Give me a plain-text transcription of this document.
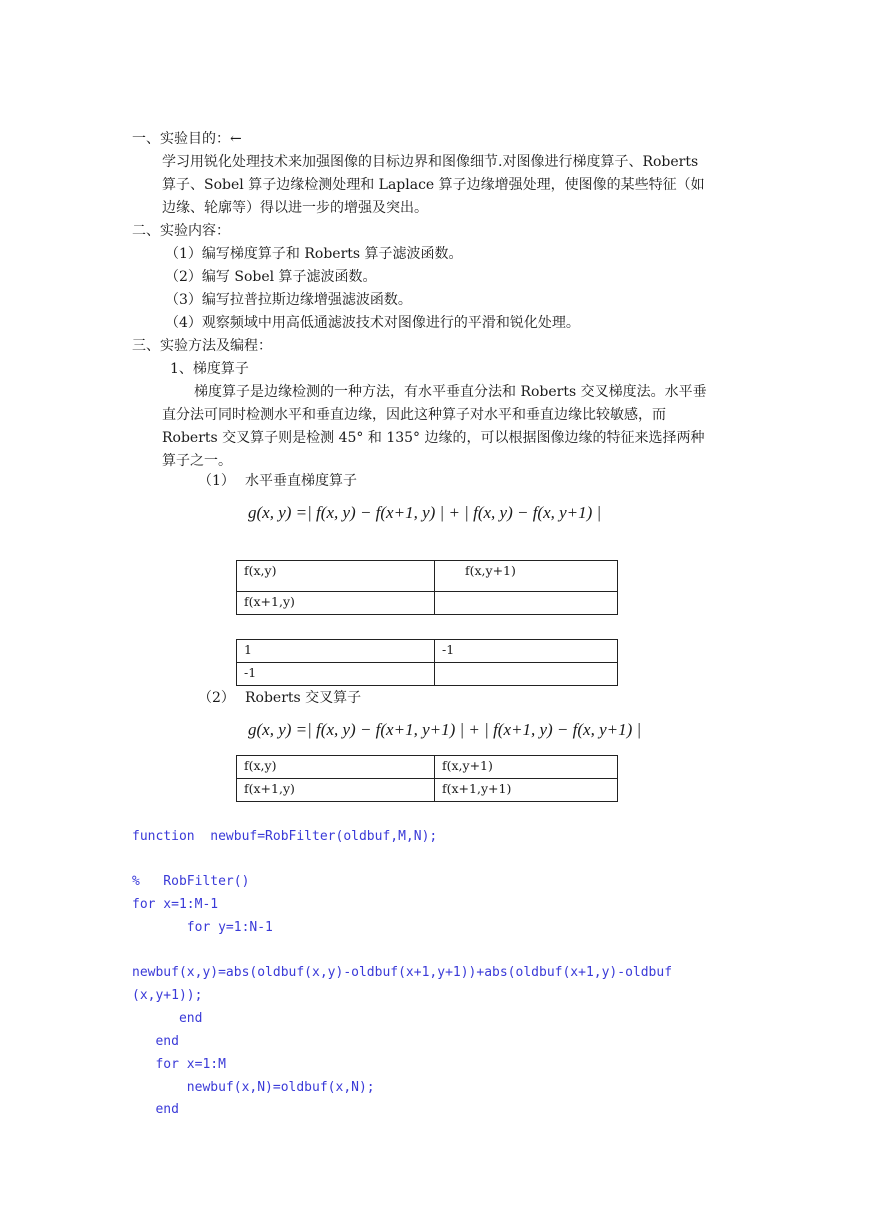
一、实验目的：←
学习用锐化处理技术来加强图像的目标边界和图像细节.对图像进行梯度算子、Roberts
算子、Sobel 算子边缘检测处理和 Laplace 算子边缘增强处理，使图像的某些特征（如
边缘、轮廓等）得以进一步的增强及突出。
二、实验内容：
（1）编写梯度算子和 Roberts 算子滤波函数。
（2）编写 Sobel 算子滤波函数。
（3）编写拉普拉斯边缘增强滤波函数。
（4）观察频域中用高低通滤波技术对图像进行的平滑和锐化处理。
三、实验方法及编程：
1、梯度算子
梯度算子是边缘检测的一种方法，有水平垂直分法和 Roberts 交叉梯度法。水平垂
直分法可同时检测水平和垂直边缘，因此这种算子对水平和垂直边缘比较敏感，而
Roberts 交叉算子则是检测 45° 和 135° 边缘的，可以根据图像边缘的特征来选择两种
算子之一。
（1） 水平垂直梯度算子
g(x, y) =| f(x, y) − f(x+1, y) | + | f(x, y) − f(x, y+1) |
f(x,y)	f(x,y+1)
f(x+1,y)	
1	-1
-1	
（2） Roberts 交叉算子
g(x, y) =| f(x, y) − f(x+1, y+1) | + | f(x+1, y) − f(x, y+1) |
f(x,y)	f(x,y+1)
f(x+1,y)	f(x+1,y+1)
function  newbuf=RobFilter(oldbuf,M,N);
%   RobFilter()
for x=1:M-1
for y=1:N-1
newbuf(x,y)=abs(oldbuf(x,y)-oldbuf(x+1,y+1))+abs(oldbuf(x+1,y)-oldbuf
(x,y+1));
end
end
for x=1:M
newbuf(x,N)=oldbuf(x,N);
end
